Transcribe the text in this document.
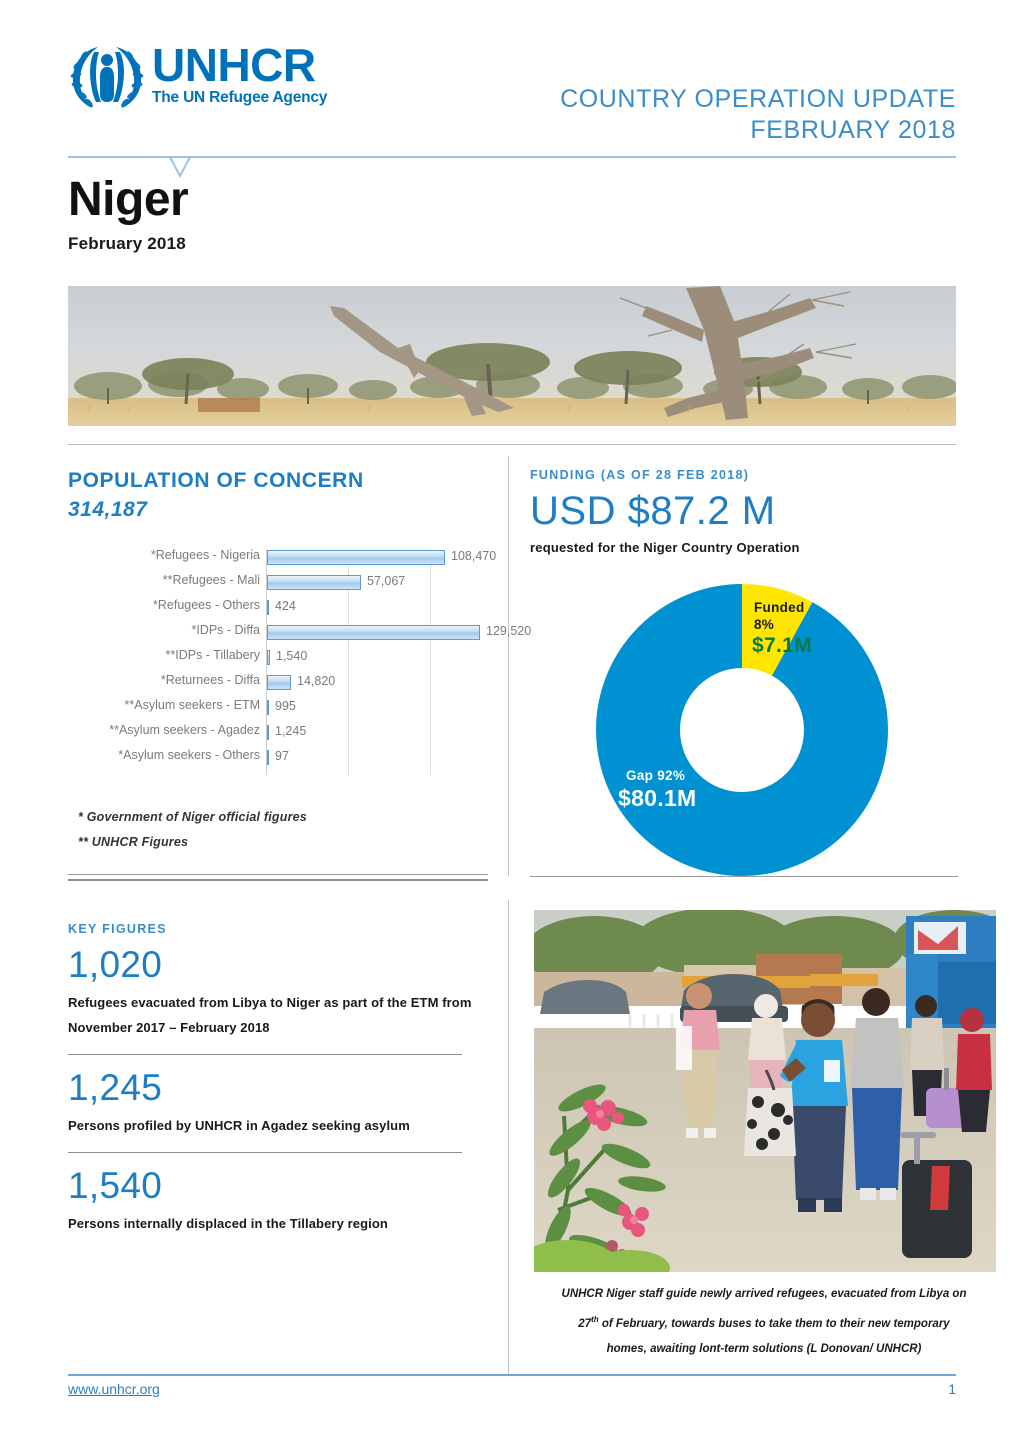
UNHCR
The UN Refugee Agency	COUNTRY OPERATION UPDATE
FEBRUARY 2018
Niger
February 2018
POPULATION OF CONCERN
314,187
*Refugees - Nigeria	108,470
**Refugees - Mali	57,067
*Refugees - Others 424
*IDPs - Diffa	129,520
**IDPs - Tillabery 1,540
*Returnees - Diffa	14,820
**Asylum seekers - ETM 995
**Asylum seekers - Agadez 1,245
*Asylum seekers - Others 97
* Government of Niger official figures
** UNHCR Figures
FUNDING (AS OF 28 FEB 2018)
USD $87.2 M
requested for the Niger Country Operation
Funded
8%
$7.1M
Gap 92%
$80.1M
KEY FIGURES
1,020
Refugees evacuated from Libya to Niger as part of the ETM from November 2017 – February 2018
1,245
Persons profiled by UNHCR in Agadez seeking asylum
1,540
Persons internally displaced in the Tillabery region
UNHCR Niger staff guide newly arrived refugees, evacuated from Libya on
27th of February, towards buses to take them to their new temporary
homes, awaiting lont-term solutions (L Donovan/ UNHCR)
www.unhcr.org	1
